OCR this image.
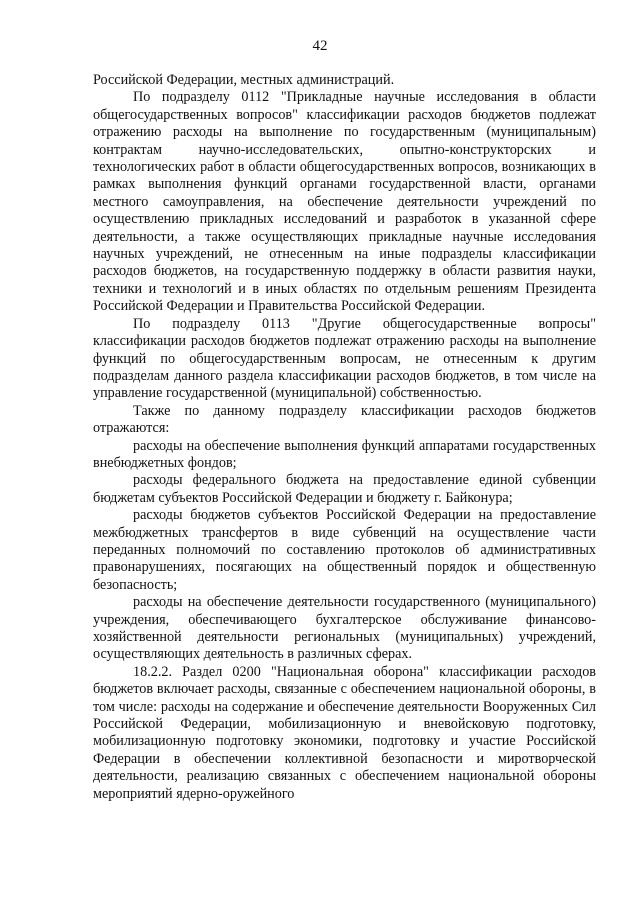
42

Российской Федерации, местных администраций.

По подразделу 0112 "Прикладные научные исследования в области общегосударственных вопросов" классификации расходов бюджетов подлежат отражению расходы на выполнение по государственным (муниципальным) контрактам научно-исследовательских, опытно-конструкторских и технологических работ в области общегосударственных вопросов, возникающих в рамках выполнения функций органами государственной власти, органами местного самоуправления, на обеспечение деятельности учреждений по осуществлению прикладных исследований и разработок в указанной сфере деятельности, а также осуществляющих прикладные научные исследования научных учреждений, не отнесенным на иные подразделы классификации расходов бюджетов, на государственную поддержку в области развития науки, техники и технологий и в иных областях по отдельным решениям Президента Российской Федерации и Правительства Российской Федерации.

По подразделу 0113 "Другие общегосударственные вопросы" классификации расходов бюджетов подлежат отражению расходы на выполнение функций по общегосударственным вопросам, не отнесенным к другим подразделам данного раздела классификации расходов бюджетов, в том числе на управление государственной (муниципальной) собственностью.

Также по данному подразделу классификации расходов бюджетов отражаются:

расходы на обеспечение выполнения функций аппаратами государственных внебюджетных фондов;

расходы федерального бюджета на предоставление единой субвенции бюджетам субъектов Российской Федерации и бюджету г. Байконура;

расходы бюджетов субъектов Российской Федерации на предоставление межбюджетных трансфертов в виде субвенций на осуществление части переданных полномочий по составлению протоколов об административных правонарушениях, посягающих на общественный порядок и общественную безопасность;

расходы на обеспечение деятельности государственного (муниципального) учреждения, обеспечивающего бухгалтерское обслуживание финансово-хозяйственной деятельности региональных (муниципальных) учреждений, осуществляющих деятельность в различных сферах.

18.2.2. Раздел 0200 "Национальная оборона" классификации расходов бюджетов включает расходы, связанные с обеспечением национальной обороны, в том числе: расходы на содержание и обеспечение деятельности Вооруженных Сил Российской Федерации, мобилизационную и вневойсковую подготовку, мобилизационную подготовку экономики, подготовку и участие Российской Федерации в обеспечении коллективной безопасности и миротворческой деятельности, реализацию связанных с обеспечением национальной обороны мероприятий ядерно-оружейного
